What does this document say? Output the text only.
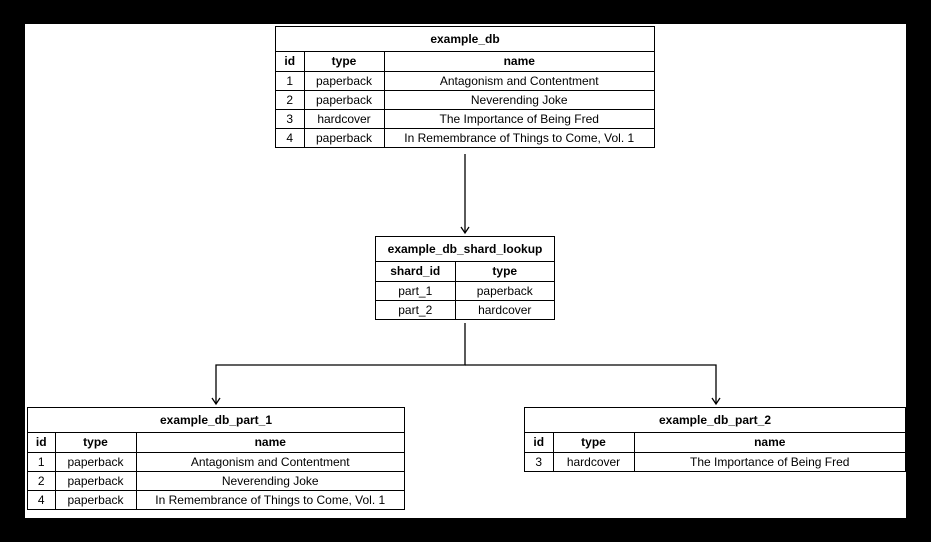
example_db
id	type	name
1	paperback	Antagonism and Contentment
2	paperback	Neverending Joke
3	hardcover	The Importance of Being Fred
4	paperback	In Remembrance of Things to Come, Vol. 1
example_db_shard_lookup
shard_id	type
part_1	paperback
part_2	hardcover
example_db_part_1
id	type	name
1	paperback	Antagonism and Contentment
2	paperback	Neverending Joke
4	paperback	In Remembrance of Things to Come, Vol. 1
example_db_part_2
id	type	name
3	hardcover	The Importance of Being Fred
